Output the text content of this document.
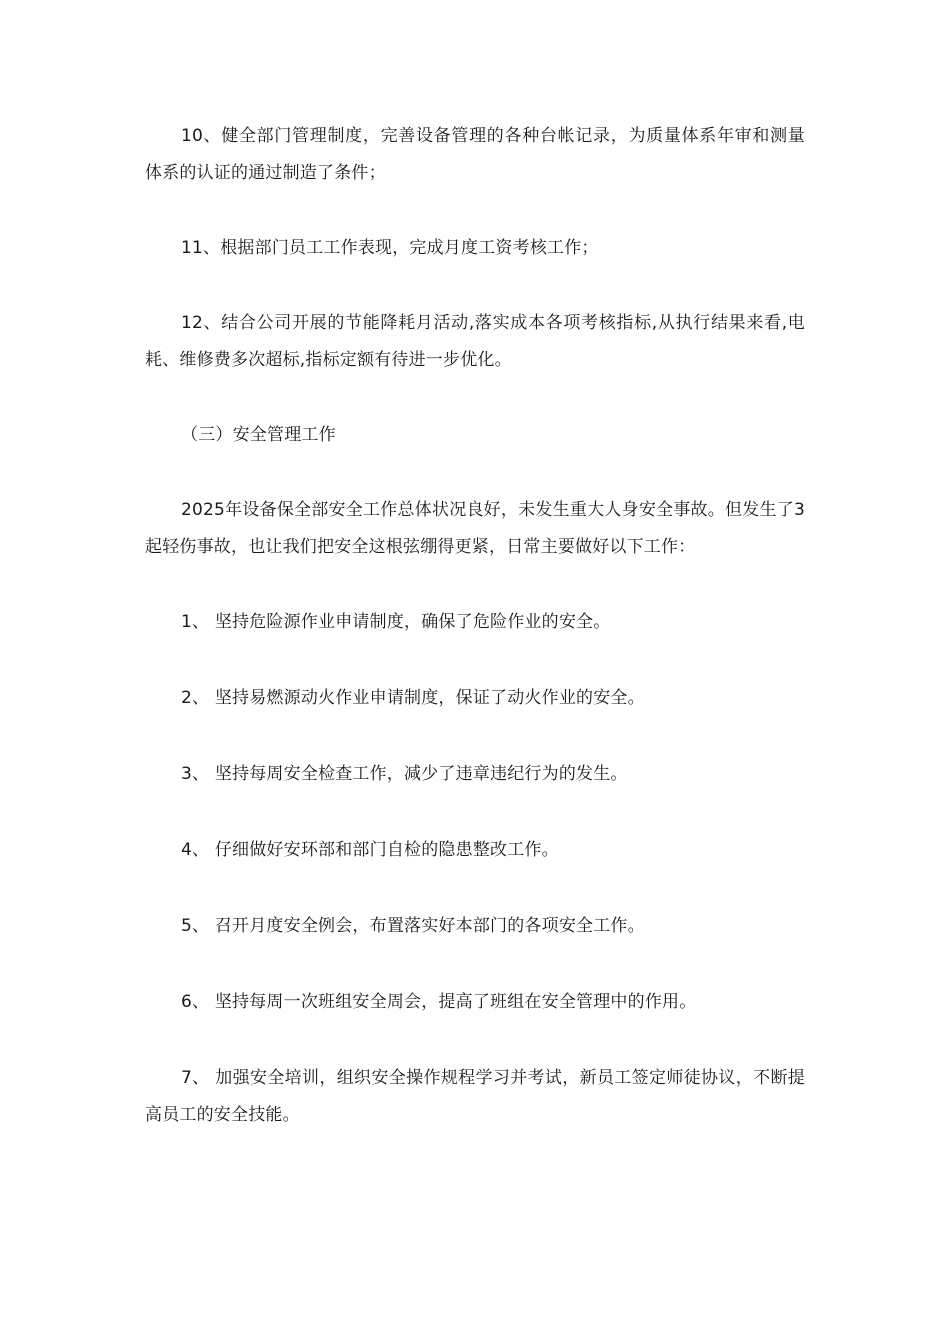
10、健全部门管理制度，完善设备管理的各种台帐记录，为质量体系年审和测量体系的认证的通过制造了条件；

11、根据部门员工工作表现，完成月度工资考核工作；

12、结合公司开展的节能降耗月活动,落实成本各项考核指标,从执行结果来看,电耗、维修费多次超标,指标定额有待进一步优化。

（三）安全管理工作

2025年设备保全部安全工作总体状况良好，未发生重大人身安全事故。但发生了3起轻伤事故，也让我们把安全这根弦绷得更紧，日常主要做好以下工作：

1、 坚持危险源作业申请制度，确保了危险作业的安全。

2、 坚持易燃源动火作业申请制度，保证了动火作业的安全。

3、 坚持每周安全检查工作，减少了违章违纪行为的发生。

4、 仔细做好安环部和部门自检的隐患整改工作。

5、 召开月度安全例会，布置落实好本部门的各项安全工作。

6、 坚持每周一次班组安全周会，提高了班组在安全管理中的作用。

7、 加强安全培训，组织安全操作规程学习并考试，新员工签定师徒协议，不断提高员工的安全技能。
